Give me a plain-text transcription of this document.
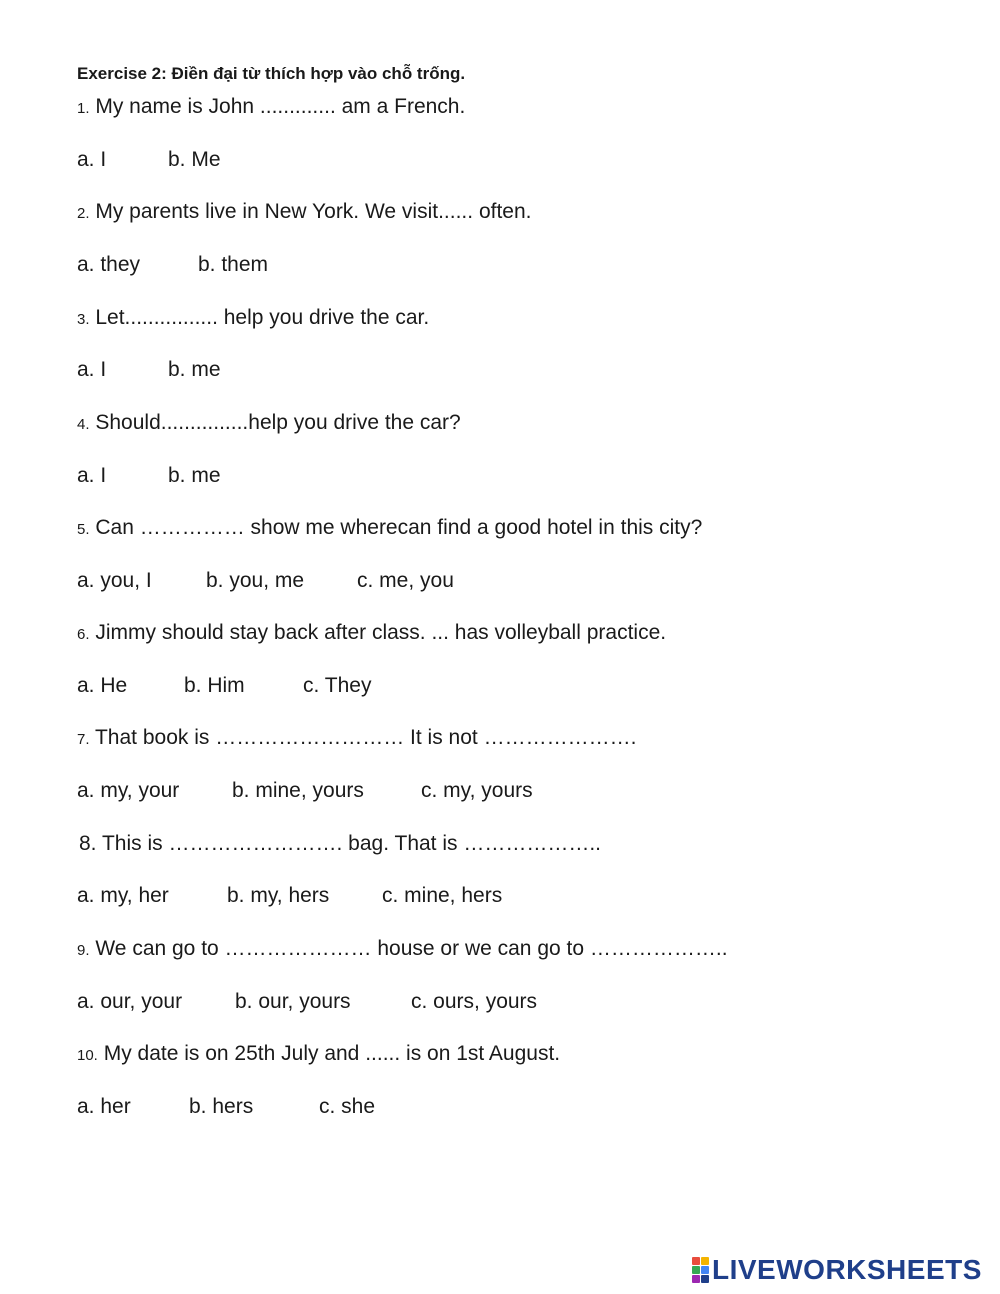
Exercise 2: Điền đại từ thích hợp vào chỗ trống.
1. My name is John ............. am a French.
a. I	b. Me
2. My parents live in New York. We visit...... often.
a. they	b. them
3. Let................ help you drive the car.
a. I	b. me
4. Should...............help you drive the car?
a. I	b. me
5. Can …………… show me wherecan find a good hotel in this city?
a. you, I	b. you, me	c. me, you
6. Jimmy should stay back after class. ... has volleyball practice.
a. He	b. Him	c. They
7. That book is ……………………… It is not ………………….
a. my, your	b. mine, yours	c. my, yours
8. This is ……………………. bag. That is ………………..
a. my, her	b. my, hers	c. mine, hers
9. We can go to ………………… house or we can go to ………………..
a. our, your	b. our, yours	c. ours, yours
10. My date is on 25th July and ...... is on 1st August.
a. her	b. hers	c. she
LIVEWORKSHEETS
